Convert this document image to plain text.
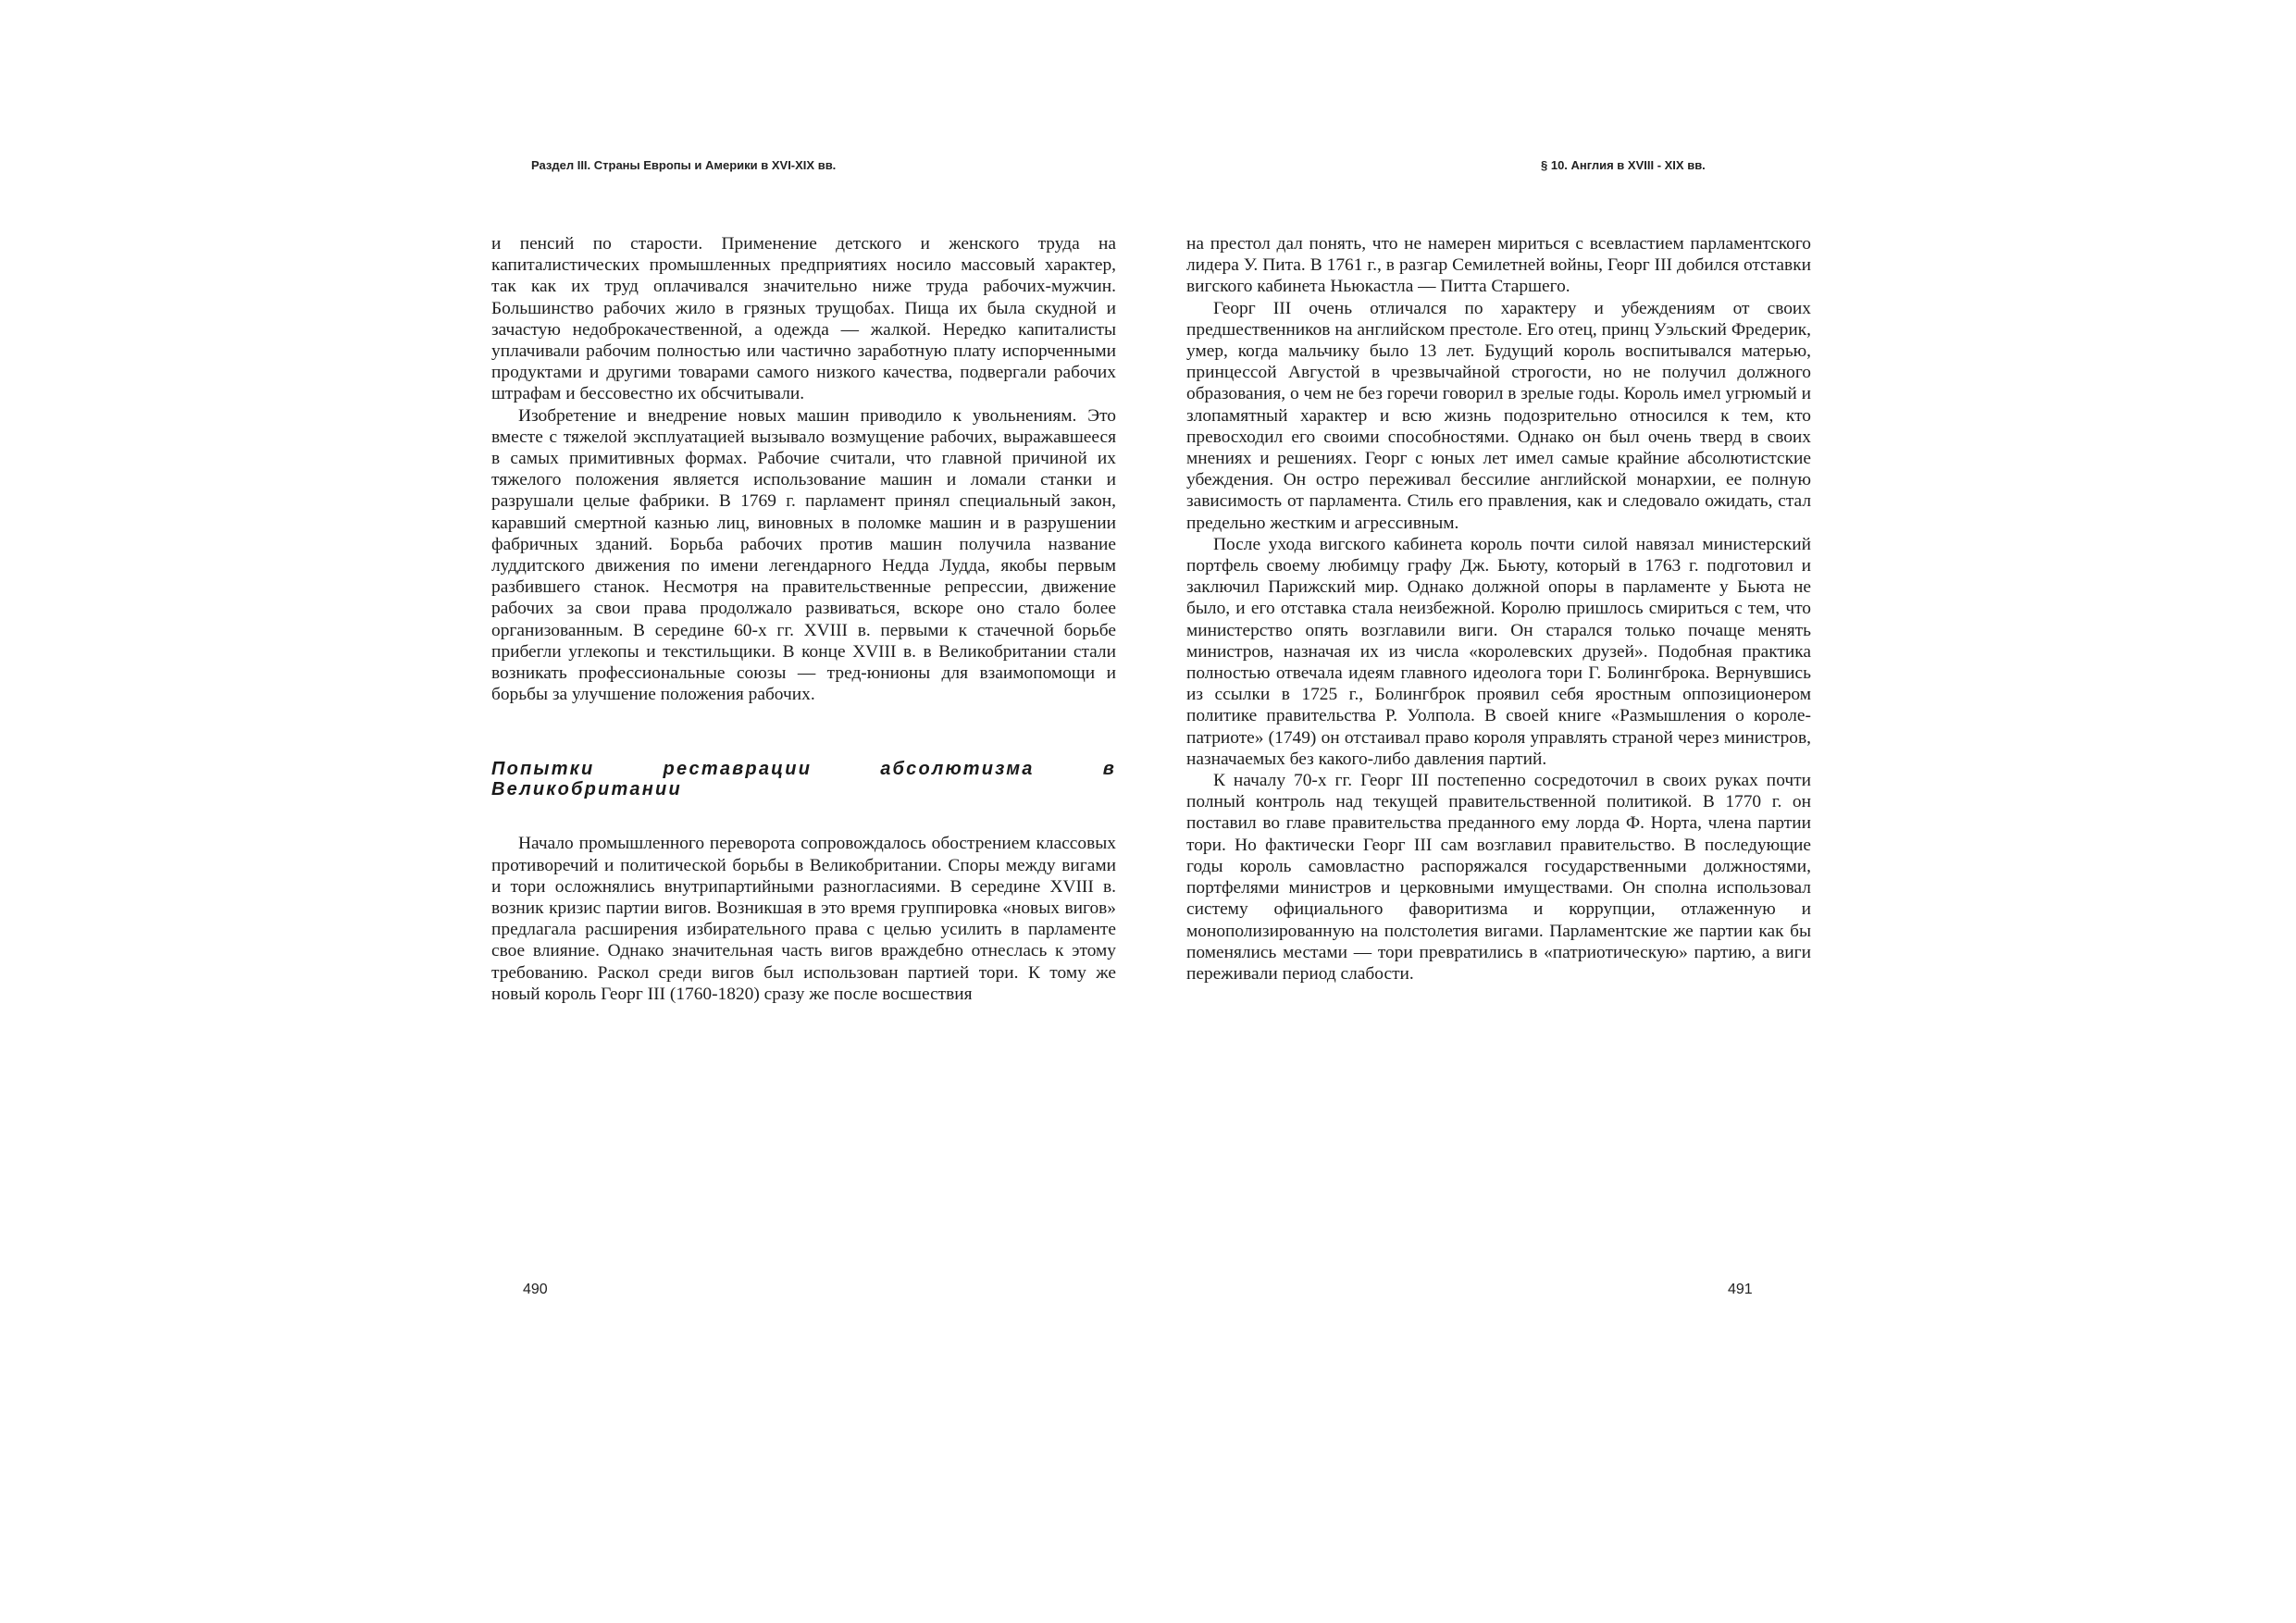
Раздел III. Страны Европы и Америки в XVI-XIX вв.

и пенсий по старости. Применение детского и женского труда на капиталистических промышленных предприятиях носило массовый характер, так как их труд оплачивался значительно ниже труда рабочих-мужчин. Большинство рабочих жило в грязных трущобах. Пища их была скудной и зачастую недоброкачественной, а одежда — жалкой. Нередко капиталисты уплачивали рабочим полностью или частично заработную плату испорченными продуктами и другими товарами самого низкого качества, подвергали рабочих штрафам и бессовестно их обсчитывали.

Изобретение и внедрение новых машин приводило к увольнениям. Это вместе с тяжелой эксплуатацией вызывало возмущение рабочих, выражавшееся в самых примитивных формах. Рабочие считали, что главной причиной их тяжелого положения является использование машин и ломали станки и разрушали целые фабрики. В 1769 г. парламент принял специальный закон, каравший смертной казнью лиц, виновных в поломке машин и в разрушении фабричных зданий. Борьба рабочих против машин получила название луддитского движения по имени легендарного Недда Лудда, якобы первым разбившего станок. Несмотря на правительственные репрессии, движение рабочих за свои права продолжало развиваться, вскоре оно стало более организованным. В середине 60-х гг. XVIII в. первыми к стачечной борьбе прибегли углекопы и текстильщики. В конце XVIII в. в Великобритании стали возникать профессиональные союзы — тред-юнионы для взаимопомощи и борьбы за улучшение положения рабочих.

Попытки реставрации абсолютизма в Великобритании

Начало промышленного переворота сопровождалось обострением классовых противоречий и политической борьбы в Великобритании. Споры между вигами и тори осложнялись внутрипартийными разногласиями. В середине XVIII в. возник кризис партии вигов. Возникшая в это время группировка «новых вигов» предлагала расширения избирательного права с целью усилить в парламенте свое влияние. Однако значительная часть вигов враждебно отнеслась к этому требованию. Раскол среди вигов был использован партией тори. К тому же новый король Георг III (1760-1820) сразу же после восшествия

490
§ 10. Англия в XVIII - XIX вв.

на престол дал понять, что не намерен мириться с всевластием парламентского лидера У. Пита. В 1761 г., в разгар Семилетней войны, Георг III добился отставки вигского кабинета Ньюкастла — Питта Старшего.

Георг III очень отличался по характеру и убеждениям от своих предшественников на английском престоле. Его отец, принц Уэльский Фредерик, умер, когда мальчику было 13 лет. Будущий король воспитывался матерью, принцессой Августой в чрезвычайной строгости, но не получил должного образования, о чем не без горечи говорил в зрелые годы. Король имел угрюмый и злопамятный характер и всю жизнь подозрительно относился к тем, кто превосходил его своими способностями. Однако он был очень тверд в своих мнениях и решениях. Георг с юных лет имел самые крайние абсолютистские убеждения. Он остро переживал бессилие английской монархии, ее полную зависимость от парламента. Стиль его правления, как и следовало ожидать, стал предельно жестким и агрессивным.

После ухода вигского кабинета король почти силой навязал министерский портфель своему любимцу графу Дж. Бьюту, который в 1763 г. подготовил и заключил Парижский мир. Однако должной опоры в парламенте у Бьюта не было, и его отставка стала неизбежной. Королю пришлось смириться с тем, что министерство опять возглавили виги. Он старался только почаще менять министров, назначая их из числа «королевских друзей». Подобная практика полностью отвечала идеям главного идеолога тори Г. Болингброка. Вернувшись из ссылки в 1725 г., Болингброк проявил себя яростным оппозиционером политике правительства Р. Уолпола. В своей книге «Размышления о короле-патриоте» (1749) он отстаивал право короля управлять страной через министров, назначаемых без какого-либо давления партий.

К началу 70-х гг. Георг III постепенно сосредоточил в своих руках почти полный контроль над текущей правительственной политикой. В 1770 г. он поставил во главе правительства преданного ему лорда Ф. Норта, члена партии тори. Но фактически Георг III сам возглавил правительство. В последующие годы король самовластно распоряжался государственными должностями, портфелями министров и церковными имуществами. Он сполна использовал систему официального фаворитизма и коррупции, отлаженную и монополизированную на полстолетия вигами. Парламентские же партии как бы поменялись местами — тори превратились в «патриотическую» партию, а виги переживали период слабости.

491
